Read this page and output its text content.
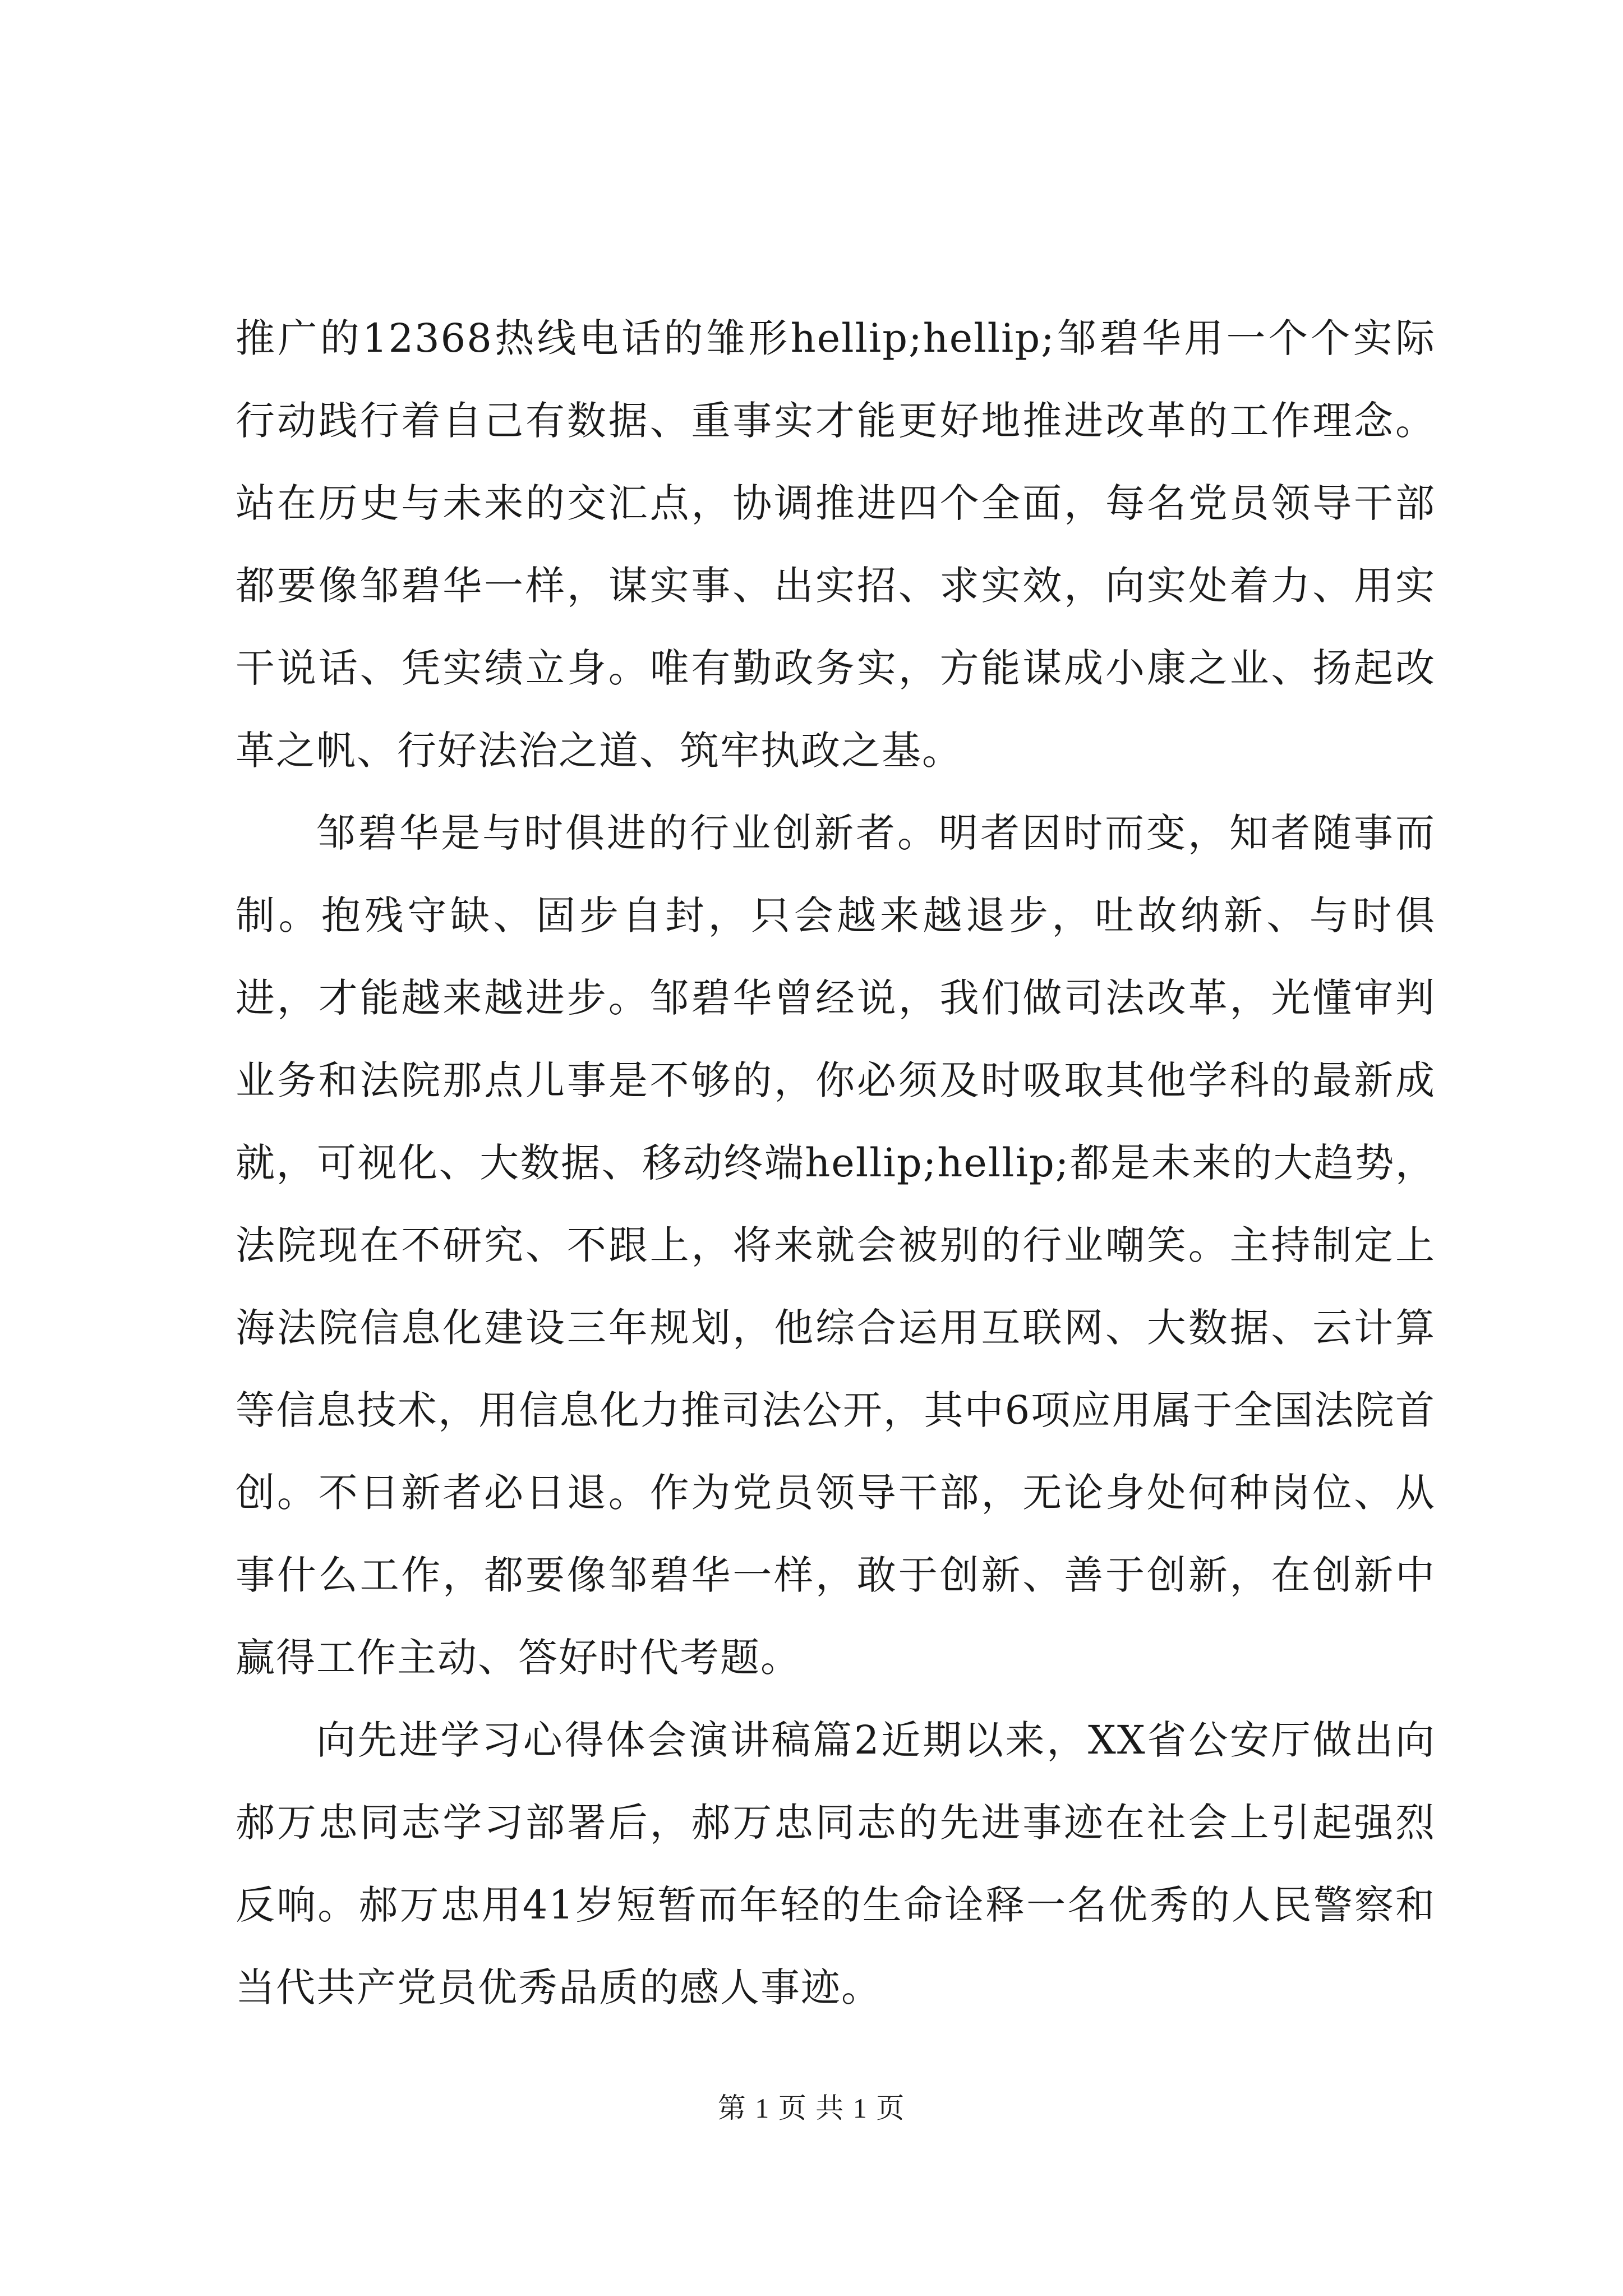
推广的12368热线电话的雏形hellip;hellip;邹碧华用一个个实际行动践行着自己有数据、重事实才能更好地推进改革的工作理念。站在历史与未来的交汇点，协调推进四个全面，每名党员领导干部都要像邹碧华一样，谋实事、出实招、求实效，向实处着力、用实干说话、凭实绩立身。唯有勤政务实，方能谋成小康之业、扬起改革之帆、行好法治之道、筑牢执政之基。

邹碧华是与时俱进的行业创新者。明者因时而变，知者随事而制。抱残守缺、固步自封，只会越来越退步，吐故纳新、与时俱进，才能越来越进步。邹碧华曾经说，我们做司法改革，光懂审判业务和法院那点儿事是不够的，你必须及时吸取其他学科的最新成就，可视化、大数据、移动终端hellip;hellip;都是未来的大趋势，法院现在不研究、不跟上，将来就会被别的行业嘲笑。主持制定上海法院信息化建设三年规划，他综合运用互联网、大数据、云计算等信息技术，用信息化力推司法公开，其中6项应用属于全国法院首创。不日新者必日退。作为党员领导干部，无论身处何种岗位、从事什么工作，都要像邹碧华一样，敢于创新、善于创新，在创新中赢得工作主动、答好时代考题。

向先进学习心得体会演讲稿篇2近期以来，XX省公安厅做出向郝万忠同志学习部署后，郝万忠同志的先进事迹在社会上引起强烈反响。郝万忠用41岁短暂而年轻的生命诠释一名优秀的人民警察和当代共产党员优秀品质的感人事迹。

第 1 页 共 1 页
